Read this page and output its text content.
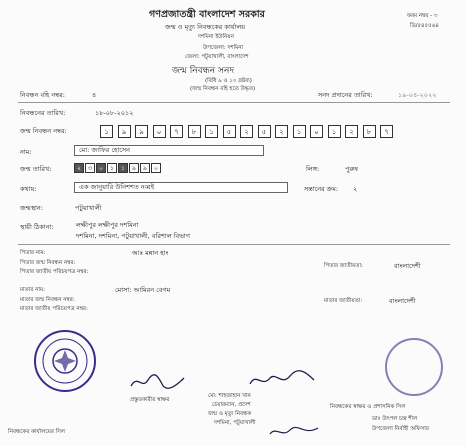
গণপ্রজাতন্ত্রী বাংলাদেশ সরকার
জন্ম ও মৃত্যু নিবন্ধকের কার্যালয়
দশমিনা ইউনিয়ন
উপজেলা: দশমিনা
জেলা: পটুয়াখালী, বাংলাদেশ
জন্ম নিবন্ধন সনদ
(বিধি ৯ ও ১০ দ্রষ্টব্য)
(জন্ম নিবন্ধন বহি হতে উদ্ধৃত)
ফরম নম্বর - ৩
ডি/৫৪৫৫৬৪
নিবন্ধন বহি নম্বর:	৪	সনদ প্রদানের তারিখ:	১৯-০৪-২০২২
নিবন্ধনের তারিখ:	১৮-০৮-২০১২
জন্ম নিবন্ধন নম্বর:	১	৯	৯	০	৭	৮	১	৫	২	৫	২	১	০	১	২	৮	৭
নাম:	মো: জাফির হোসেন
জন্ম তারিখ:	২	৩	০	১	১	৯	৯	০	লিঙ্গ:	পুরুষ
কথায়:	এক জানুয়ারি উনিশশত নব্বই	সন্তানের ক্রম: ২
জন্মস্থান:	পটুয়াখালী
স্থায়ী ঠিকানা:	লক্ষীপুর লক্ষীপুর দশমিনা
দশমিনা, দশমিনা, পটুয়াখালী, বরিশাল বিভাগ
পিতার নাম:	আঃ মন্নান হাং
পিতার জন্ম নিবন্ধন নম্বর:
পিতার জাতীয় পরিচয়পত্র নম্বর:
পিতার জাতীয়তা:	বাংলাদেশী
মাতার নাম:	মোসা: আমিরন বেগম
মাতার জন্ম নিবন্ধন নম্বর:
মাতার জাতীয় পরিচয়পত্র নম্বর:
মাতার জাতীয়তা:	বাংলাদেশী
প্রস্তুতকারীর স্বাক্ষর
মো: শাহজাহান খান
চেয়ারম্যান, প্রদেশ
জন্ম ও মৃত্যু নিবন্ধক
দশমিনা, পটুয়াখালী
নিবন্ধকের স্বাক্ষর ও প্রশাসনিক সিল
ডাঃ উৎপল চন্দ্র শীল
উপজেলা নির্বাহী অফিসার
নিবন্ধকের কার্যালয়ের সিল
